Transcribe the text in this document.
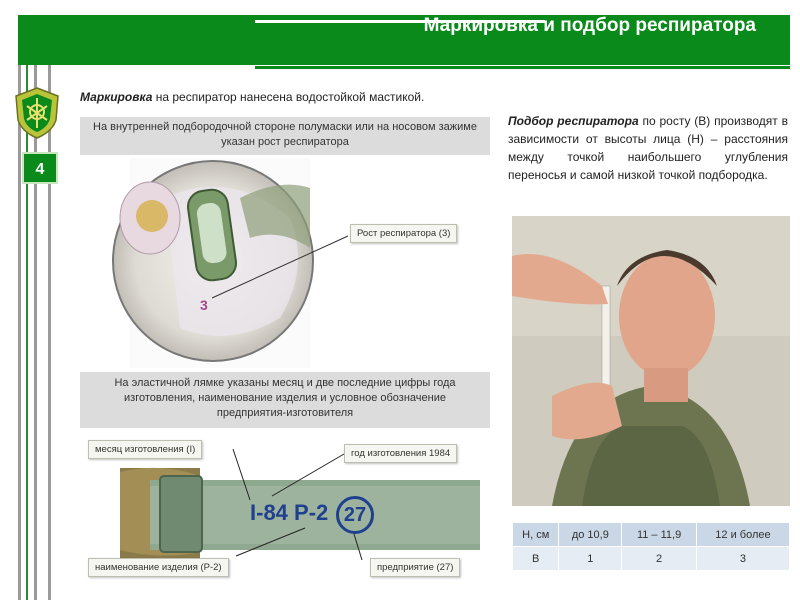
Маркировка и подбор респиратора
4
Маркировка на респиратор нанесена водостойкой мастикой.
На внутренней подбородочной стороне полумаски или на носовом зажиме указан рост респиратора
3
Рост респиратора (3)
На эластичной лямке указаны месяц и две последние цифры года изготовления, наименование изделия и условное обозначение предприятия-изготовителя
I-84 P-2 27
месяц изготовления (I)	год изготовления 1984
наименование изделия (Р-2)	предприятие (27)
Подбор респиратора по росту (В) производят в зависимости от высоты лица (Н) – расстояния между точкой наибольшего углубления переносья и самой низкой точкой подбородка.
Н, см	до 10,9	11 – 11,9	12 и более
В	1	2	3
